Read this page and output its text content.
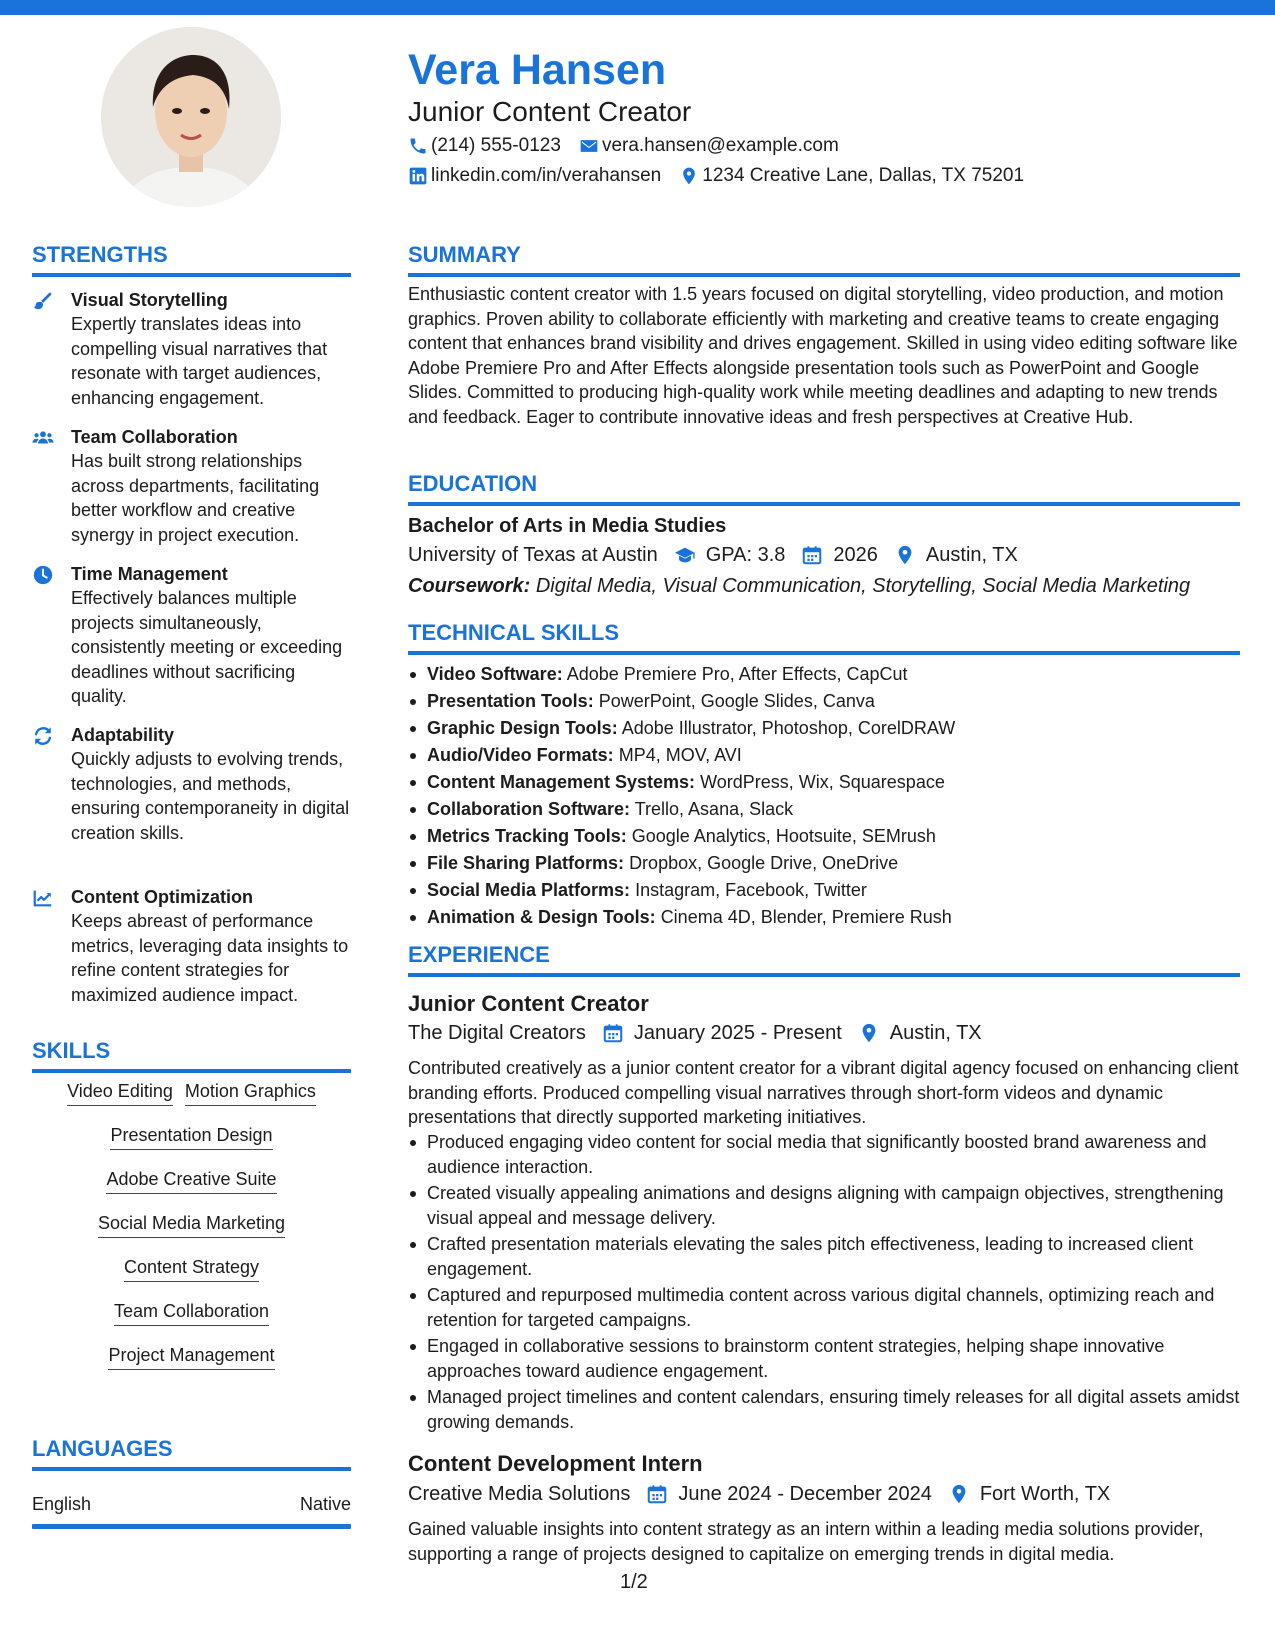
Vera Hansen
Junior Content Creator
(214) 555-0123 vera.hansen@example.com
linkedin.com/in/verahansen 1234 Creative Lane, Dallas, TX 75201
STRENGTHS
Visual Storytelling
Expertly translates ideas into compelling visual narratives that resonate with target audiences, enhancing engagement.
Team Collaboration
Has built strong relationships across departments, facilitating better workflow and creative synergy in project execution.
Time Management
Effectively balances multiple projects simultaneously, consistently meeting or exceeding deadlines without sacrificing quality.
Adaptability
Quickly adjusts to evolving trends, technologies, and methods, ensuring contemporaneity in digital creation skills.
Content Optimization
Keeps abreast of performance metrics, leveraging data insights to refine content strategies for maximized audience impact.
SKILLS
Video Editing Motion Graphics
Presentation Design
Adobe Creative Suite
Social Media Marketing
Content Strategy
Team Collaboration
Project Management
LANGUAGES
English	Native
SUMMARY

Enthusiastic content creator with 1.5 years focused on digital storytelling, video production, and motion graphics. Proven ability to collaborate efficiently with marketing and creative teams to create engaging content that enhances brand visibility and drives engagement. Skilled in using video editing software like Adobe Premiere Pro and After Effects alongside presentation tools such as PowerPoint and Google Slides. Committed to producing high-quality work while meeting deadlines and adapting to new trends and feedback. Eager to contribute innovative ideas and fresh perspectives at Creative Hub.

EDUCATION
Bachelor of Arts in Media Studies
University of Texas at Austin GPA: 3.8 2026 Austin, TX
Coursework: Digital Media, Visual Communication, Storytelling, Social Media Marketing
TECHNICAL SKILLS
Video Software: Adobe Premiere Pro, After Effects, CapCut
Presentation Tools: PowerPoint, Google Slides, Canva
Graphic Design Tools: Adobe Illustrator, Photoshop, CorelDRAW
Audio/Video Formats: MP4, MOV, AVI
Content Management Systems: WordPress, Wix, Squarespace
Collaboration Software: Trello, Asana, Slack
Metrics Tracking Tools: Google Analytics, Hootsuite, SEMrush
File Sharing Platforms: Dropbox, Google Drive, OneDrive
Social Media Platforms: Instagram, Facebook, Twitter
Animation & Design Tools: Cinema 4D, Blender, Premiere Rush
EXPERIENCE
Junior Content Creator
The Digital Creators January 2025 - Present Austin, TX

Contributed creatively as a junior content creator for a vibrant digital agency focused on enhancing client branding efforts. Produced compelling visual narratives through short-form videos and dynamic presentations that directly supported marketing initiatives.

Produced engaging video content for social media that significantly boosted brand awareness and audience interaction.
Created visually appealing animations and designs aligning with campaign objectives, strengthening visual appeal and message delivery.
Crafted presentation materials elevating the sales pitch effectiveness, leading to increased client engagement.
Captured and repurposed multimedia content across various digital channels, optimizing reach and retention for targeted campaigns.
Engaged in collaborative sessions to brainstorm content strategies, helping shape innovative approaches toward audience engagement.
Managed project timelines and content calendars, ensuring timely releases for all digital assets amidst growing demands.
Content Development Intern
Creative Media Solutions June 2024 - December 2024 Fort Worth, TX

Gained valuable insights into content strategy as an intern within a leading media solutions provider, supporting a range of projects designed to capitalize on emerging trends in digital media.

1/2
